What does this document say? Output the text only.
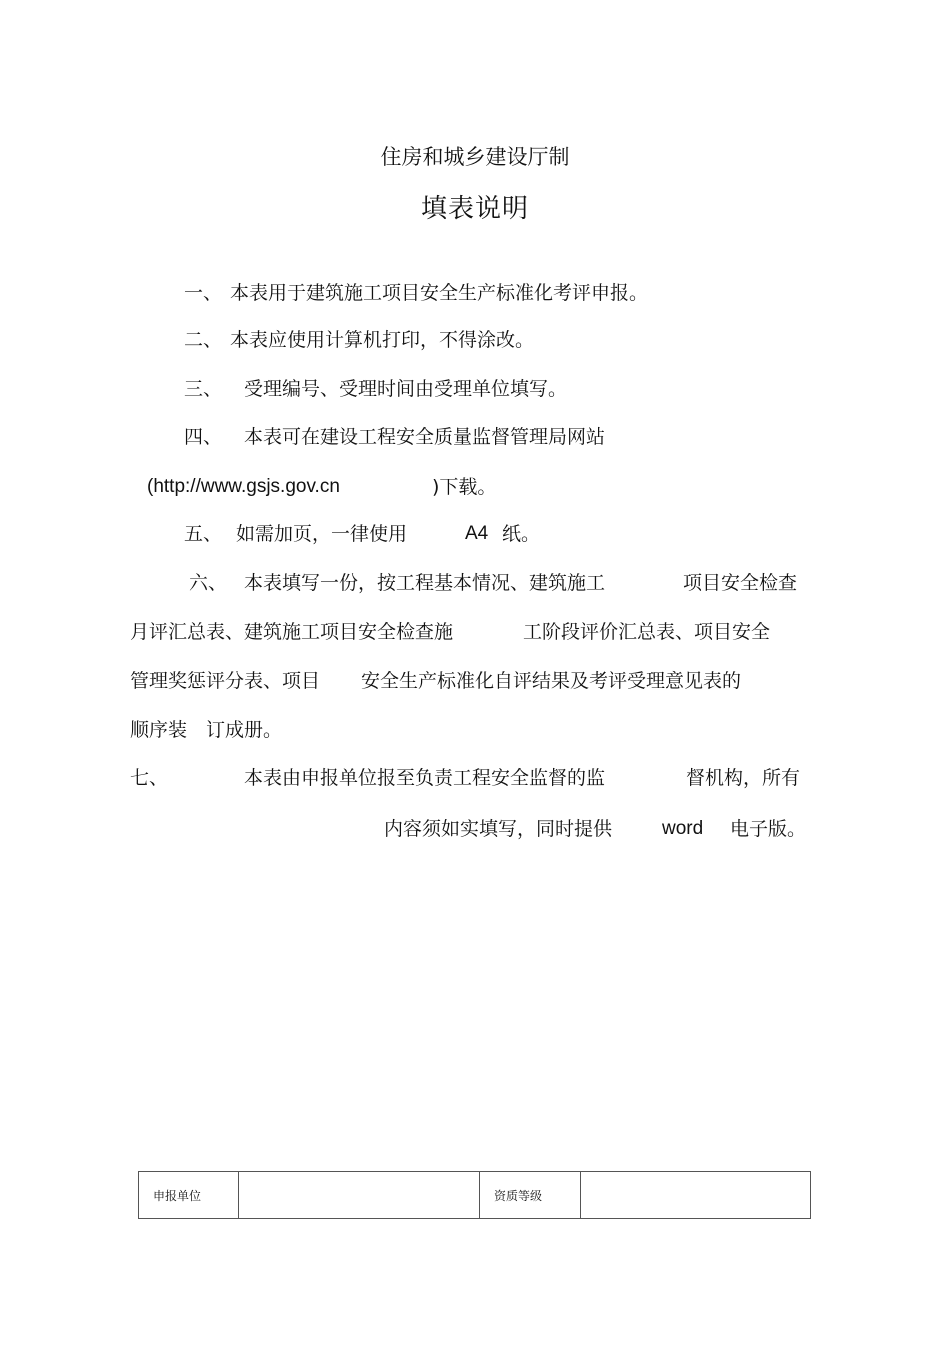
住房和城乡建设厅制
填表说明
一、 本表用于建筑施工项目安全生产标准化考评申报。
二、 本表应使用计算机打印，不得涂改。
三、 受理编号、受理时间由受理单位填写。
四、 本表可在建设工程安全质量监督管理局网站
(http://www.gsjs.gov.cn	)下载。
五、 如需加页，一律使用	A4 纸。
六、 本表填写一份，按工程基本情况、建筑施工	项目安全检查
月评汇总表、建筑施工项目安全检查施	工阶段评价汇总表、项目安全
管理奖惩评分表、项目 安全生产标准化自评结果及考评受理意见表的
顺序装 订成册。
七、	本表由申报单位报至负责工程安全监督的监	督机构，所有
内容须如实填写，同时提供	word 电子版。
申报单位		资质等级	
